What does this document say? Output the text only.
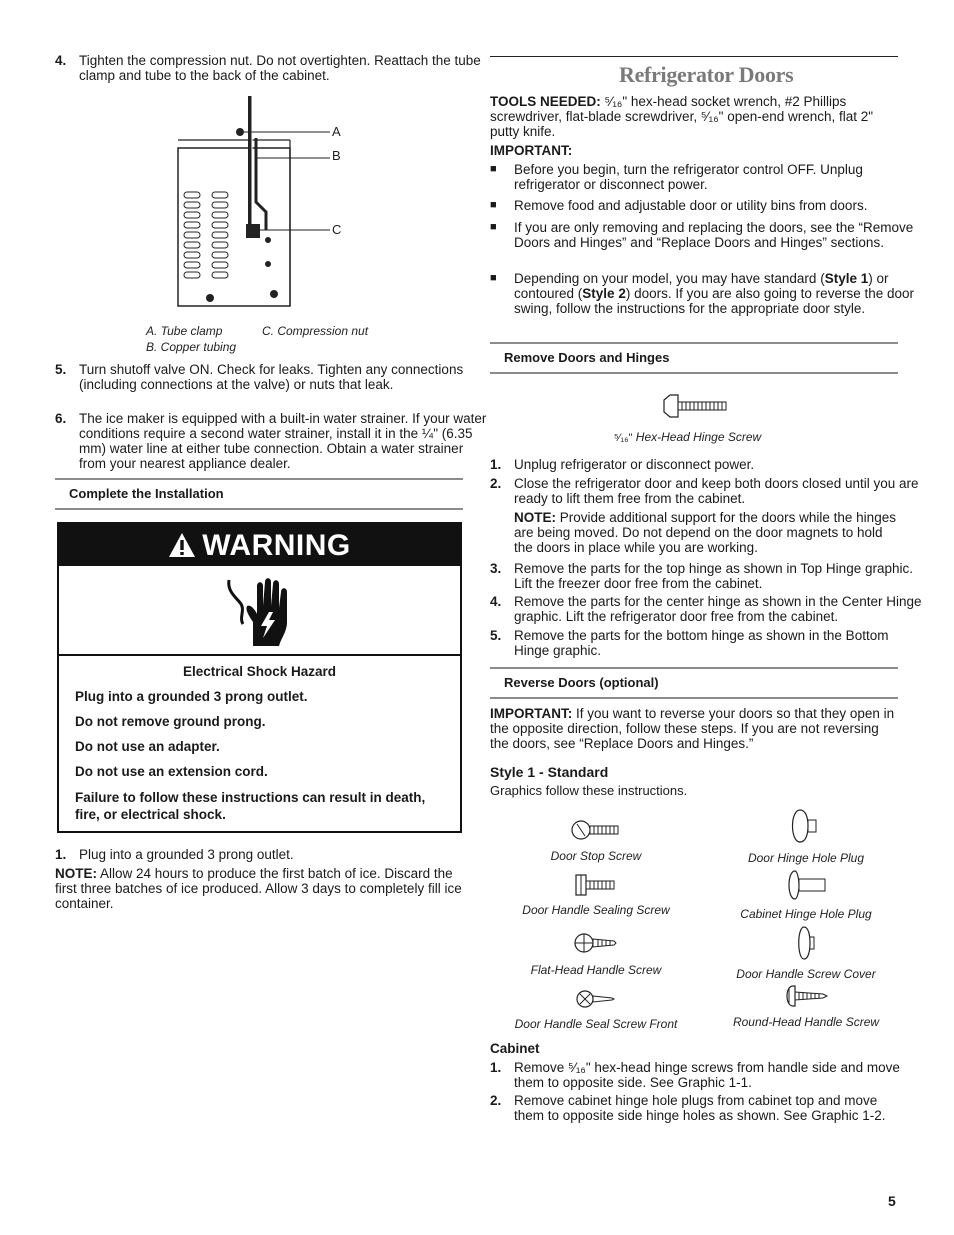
4. Tighten the compression nut. Do not overtighten. Reattach the tube clamp and tube to the back of the cabinet.

A
B
C
A. Tube clamp	C. Compression nut
B. Copper tubing
5. Turn shutoff valve ON. Check for leaks. Tighten any connections (including connections at the valve) or nuts that leak.

6. The ice maker is equipped with a built-in water strainer. If your water conditions require a second water strainer, install it in the ¼" (6.35 mm) water line at either tube connection. Obtain a water strainer from your nearest appliance dealer.

Complete the Installation
WARNING

Electrical Shock Hazard

Plug into a grounded 3 prong outlet.

Do not remove ground prong.

Do not use an adapter.

Do not use an extension cord.

Failure to follow these instructions can result in death, fire, or electrical shock.

1. Plug into a grounded 3 prong outlet.

NOTE: Allow 24 hours to produce the first batch of ice. Discard the first three batches of ice produced. Allow 3 days to completely fill ice container.

Refrigerator Doors

TOOLS NEEDED: ⁵⁄₁₆" hex-head socket wrench, #2 Phillips screwdriver, flat-blade screwdriver, ⁵⁄₁₆" open-end wrench, flat 2" putty knife.

IMPORTANT:

■

Before you begin, turn the refrigerator control OFF. Unplug refrigerator or disconnect power.

■

Remove food and adjustable door or utility bins from doors.

■

If you are only removing and replacing the doors, see the “Remove Doors and Hinges” and “Replace Doors and Hinges” sections.

■

Depending on your model, you may have standard (Style 1) or contoured (Style 2) doors. If you are also going to reverse the door swing, follow the instructions for the appropriate door style.

Remove Doors and Hinges

⁵⁄₁₆" Hex-Head Hinge Screw

1. Unplug refrigerator or disconnect power.

2. Close the refrigerator door and keep both doors closed until you are ready to lift them free from the cabinet.

NOTE: Provide additional support for the doors while the hinges are being moved. Do not depend on the door magnets to hold the doors in place while you are working.

3. Remove the parts for the top hinge as shown in Top Hinge graphic. Lift the freezer door free from the cabinet.

4. Remove the parts for the center hinge as shown in the Center Hinge graphic. Lift the refrigerator door free from the cabinet.

5. Remove the parts for the bottom hinge as shown in the Bottom Hinge graphic.

Reverse Doors (optional)

IMPORTANT: If you want to reverse your doors so that they open in the opposite direction, follow these steps. If you are not reversing the doors, see “Replace Doors and Hinges.”

Style 1 - Standard

Graphics follow these instructions.

Door Stop Screw	Door Hinge Hole Plug
Door Handle Sealing Screw	Cabinet Hinge Hole Plug
Flat-Head Handle Screw	Door Handle Screw Cover
Door Handle Seal Screw Front	Round-Head Handle Screw

Cabinet

1. Remove ⁵⁄₁₆" hex-head hinge screws from handle side and move them to opposite side. See Graphic 1-1.

2. Remove cabinet hinge hole plugs from cabinet top and move them to opposite side hinge holes as shown. See Graphic 1-2.

5
